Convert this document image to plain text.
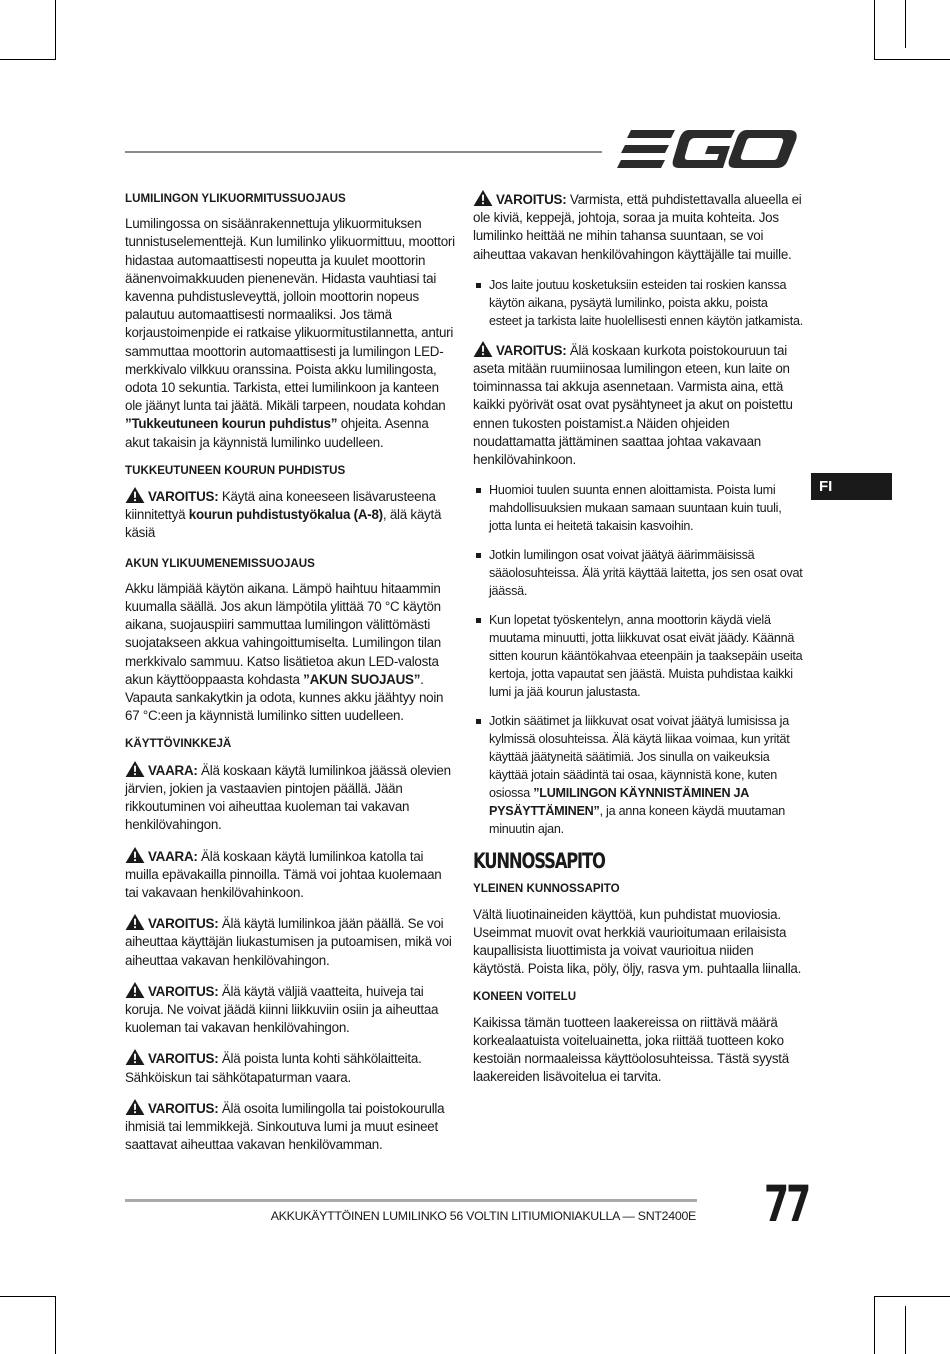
LUMILINGON YLIKUORMITUSSUOJAUS
Lumilingossa on sisäänrakennettuja ylikuormituksen tunnistuselementtejä. Kun lumilinko ylikuormittuu, moottori hidastaa automaattisesti nopeutta ja kuulet moottorin äänenvoimakkuuden pienenevän. Hidasta vauhtiasi tai kavenna puhdistusleveyttä, jolloin moottorin nopeus palautuu automaattisesti normaaliksi. Jos tämä korjaustoimenpide ei ratkaise ylikuormitustilannetta, anturi sammuttaa moottorin automaattisesti ja lumilingon LED-merkkivalo vilkkuu oranssina. Poista akku lumilingosta, odota 10 sekuntia. Tarkista, ettei lumilinkoon ja kanteen ole jäänyt lunta tai jäätä. Mikäli tarpeen, noudata kohdan ”Tukkeutuneen kourun puhdistus” ohjeita. Asenna akut takaisin ja käynnistä lumilinko uudelleen.
TUKKEUTUNEEN KOURUN PUHDISTUS
VAROITUS: Käytä aina koneeseen lisävarusteena kiinnitettyä kourun puhdistustyökalua (A-8), älä käytä käsiä
AKUN YLIKUUMENEMISSUOJAUS
Akku lämpiää käytön aikana. Lämpö haihtuu hitaammin kuumalla säällä. Jos akun lämpötila ylittää 70 °C käytön aikana, suojauspiiri sammuttaa lumilingon välittömästi suojatakseen akkua vahingoittumiselta. Lumilingon tilan merkkivalo sammuu. Katso lisätietoa akun LED-valosta akun käyttöoppaasta kohdasta ”AKUN SUOJAUS”. Vapauta sankakytkin ja odota, kunnes akku jäähtyy noin 67 °C:een ja käynnistä lumilinko sitten uudelleen.
KÄYTTÖVINKKEJÄ
VAARA: Älä koskaan käytä lumilinkoa jäässä olevien järvien, jokien ja vastaavien pintojen päällä. Jään rikkoutuminen voi aiheuttaa kuoleman tai vakavan henkilövahingon.
VAARA: Älä koskaan käytä lumilinkoa katolla tai muilla epävakailla pinnoilla. Tämä voi johtaa kuolemaan tai vakavaan henkilövahinkoon.
VAROITUS: Älä käytä lumilinkoa jään päällä. Se voi aiheuttaa käyttäjän liukastumisen ja putoamisen, mikä voi aiheuttaa vakavan henkilövahingon.
VAROITUS: Älä käytä väljiä vaatteita, huiveja tai koruja. Ne voivat jäädä kiinni liikkuviin osiin ja aiheuttaa kuoleman tai vakavan henkilövahingon.
VAROITUS: Älä poista lunta kohti sähkölaitteita. Sähköiskun tai sähkötapaturman vaara.
VAROITUS: Älä osoita lumilingolla tai poistokourulla ihmisiä tai lemmikkejä. Sinkoutuva lumi ja muut esineet saattavat aiheuttaa vakavan henkilövamman.
VAROITUS: Varmista, että puhdistettavalla alueella ei ole kiviä, keppejä, johtoja, soraa ja muita kohteita. Jos lumilinko heittää ne mihin tahansa suuntaan, se voi aiheuttaa vakavan henkilövahingon käyttäjälle tai muille.
Jos laite joutuu kosketuksiin esteiden tai roskien kanssa käytön aikana, pysäytä lumilinko, poista akku, poista esteet ja tarkista laite huolellisesti ennen käytön jatkamista.
VAROITUS: Älä koskaan kurkota poistokouruun tai aseta mitään ruumiinosaa lumilingon eteen, kun laite on toiminnassa tai akkuja asennetaan. Varmista aina, että kaikki pyörivät osat ovat pysähtyneet ja akut on poistettu ennen tukosten poistamist.a Näiden ohjeiden noudattamatta jättäminen saattaa johtaa vakavaan henkilövahinkoon.
Huomioi tuulen suunta ennen aloittamista. Poista lumi mahdollisuuksien mukaan samaan suuntaan kuin tuuli, jotta lunta ei heitetä takaisin kasvoihin.
Jotkin lumilingon osat voivat jäätyä äärimmäisissä sääolosuhteissa. Älä yritä käyttää laitetta, jos sen osat ovat jäässä.
Kun lopetat työskentelyn, anna moottorin käydä vielä muutama minuutti, jotta liikkuvat osat eivät jäädy. Käännä sitten kourun kääntökahvaa eteenpäin ja taaksepäin useita kertoja, jotta vapautat sen jäästä. Muista puhdistaa kaikki lumi ja jää kourun jalustasta.
Jotkin säätimet ja liikkuvat osat voivat jäätyä lumisissa ja kylmissä olosuhteissa. Älä käytä liikaa voimaa, kun yrität käyttää jäätyneitä säätimiä. Jos sinulla on vaikeuksia käyttää jotain säädintä tai osaa, käynnistä kone, kuten osiossa ”LUMILINGON KÄYNNISTÄMINEN JA PYSÄYTTÄMINEN”, ja anna koneen käydä muutaman minuutin ajan.
KUNNOSSAPITO
YLEINEN KUNNOSSAPITO
Vältä liuotinaineiden käyttöä, kun puhdistat muoviosia. Useimmat muovit ovat herkkiä vaurioitumaan erilaisista kaupallisista liuottimista ja voivat vaurioitua niiden käytöstä. Poista lika, pöly, öljy, rasva ym. puhtaalla liinalla.
KONEEN VOITELU
Kaikissa tämän tuotteen laakereissa on riittävä määrä korkealaatuista voiteluainetta, joka riittää tuotteen koko kestoiän normaaleissa käyttöolosuhteissa. Tästä syystä laakereiden lisävoitelua ei tarvita.
FI
AKKUKÄYTTÖINEN LUMILINKO 56 VOLTIN LITIUMIONIAKULLA — SNT2400E 77
